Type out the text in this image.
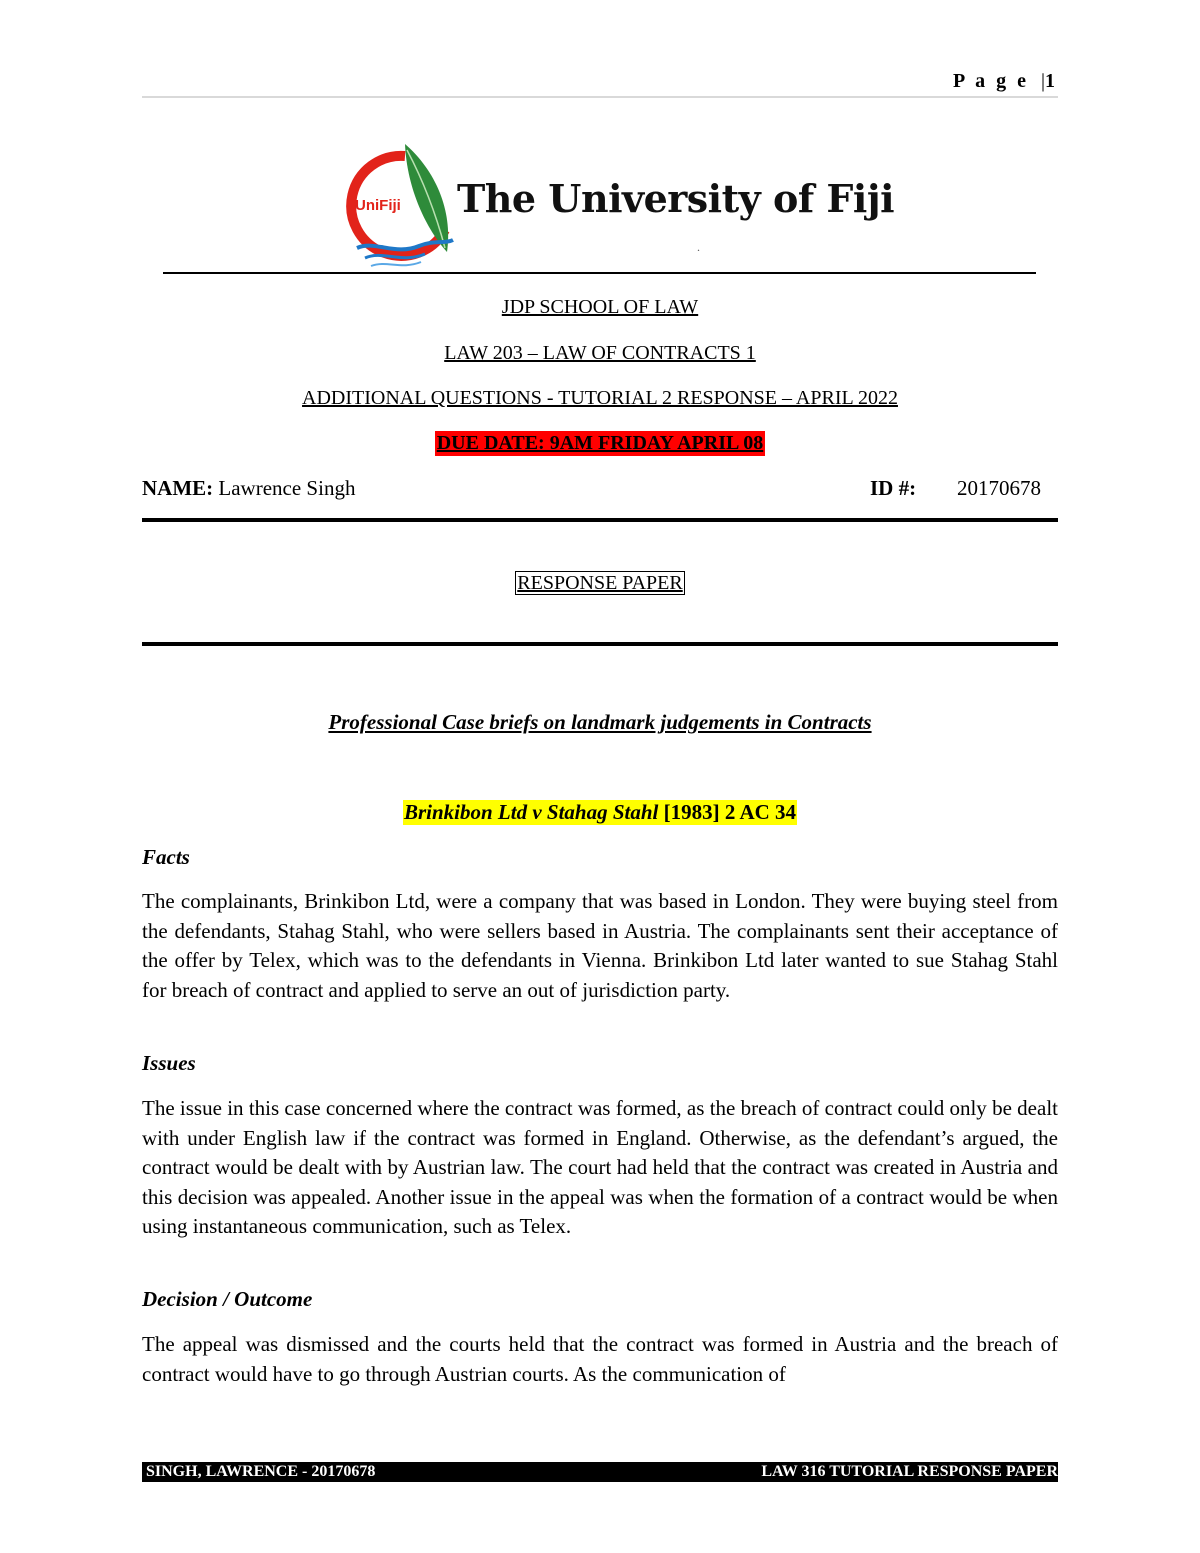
P a g e |1
UniFiji The University of Fiji
.
JDP SCHOOL OF LAW
LAW 203 – LAW OF CONTRACTS 1
ADDITIONAL QUESTIONS - TUTORIAL 2 RESPONSE – APRIL 2022
DUE DATE: 9AM FRIDAY APRIL 08
NAME: Lawrence Singh	ID #: 20170678
RESPONSE PAPER
Professional Case briefs on landmark judgements in Contracts
Brinkibon Ltd v Stahag Stahl [1983] 2 AC 34
Facts
The complainants, Brinkibon Ltd, were a company that was based in London. They were buying steel from the defendants, Stahag Stahl, who were sellers based in Austria. The complainants sent their acceptance of the offer by Telex, which was to the defendants in Vienna. Brinkibon Ltd later wanted to sue Stahag Stahl for breach of contract and applied to serve an out of jurisdiction party.
Issues
The issue in this case concerned where the contract was formed, as the breach of contract could only be dealt with under English law if the contract was formed in England. Otherwise, as the defendant’s argued, the contract would be dealt with by Austrian law. The court had held that the contract was created in Austria and this decision was appealed. Another issue in the appeal was when the formation of a contract would be when using instantaneous communication, such as Telex.
Decision / Outcome
The appeal was dismissed and the courts held that the contract was formed in Austria and the breach of contract would have to go through Austrian courts. As the communication of
SINGH, LAWRENCE - 20170678	LAW 316 TUTORIAL RESPONSE PAPER
